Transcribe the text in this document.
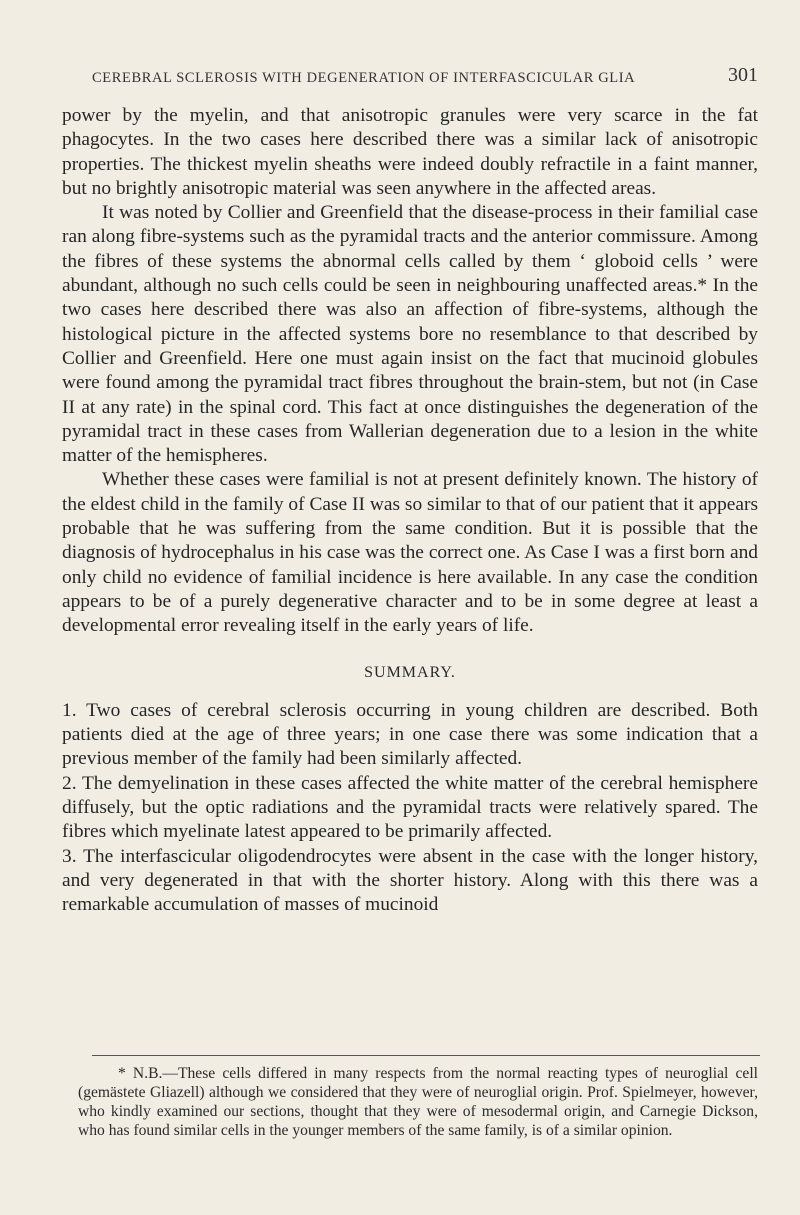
CEREBRAL SCLEROSIS WITH DEGENERATION OF INTERFASCICULAR GLIA	301

power by the myelin, and that anisotropic granules were very scarce in the fat phagocytes. In the two cases here described there was a similar lack of anisotropic properties. The thickest myelin sheaths were indeed doubly refractile in a faint manner, but no brightly anisotropic material was seen anywhere in the affected areas.

It was noted by Collier and Greenfield that the disease-process in their familial case ran along fibre-systems such as the pyramidal tracts and the anterior commissure. Among the fibres of these systems the abnormal cells called by them ‘ globoid cells ’ were abundant, although no such cells could be seen in neighbouring unaffected areas.* In the two cases here described there was also an affection of fibre-systems, although the histological picture in the affected systems bore no resemblance to that described by Collier and Greenfield. Here one must again insist on the fact that mucinoid globules were found among the pyramidal tract fibres throughout the brain-stem, but not (in Case II at any rate) in the spinal cord. This fact at once distinguishes the degeneration of the pyramidal tract in these cases from Wallerian degeneration due to a lesion in the white matter of the hemispheres.

Whether these cases were familial is not at present definitely known. The history of the eldest child in the family of Case II was so similar to that of our patient that it appears probable that he was suffering from the same condition. But it is possible that the diagnosis of hydrocephalus in his case was the correct one. As Case I was a first born and only child no evidence of familial incidence is here available. In any case the condition appears to be of a purely degenerative character and to be in some degree at least a developmental error revealing itself in the early years of life.

SUMMARY.

1. Two cases of cerebral sclerosis occurring in young children are described. Both patients died at the age of three years; in one case there was some indication that a previous member of the family had been similarly affected.

2. The demyelination in these cases affected the white matter of the cerebral hemisphere diffusely, but the optic radiations and the pyramidal tracts were relatively spared. The fibres which myelinate latest appeared to be primarily affected.

3. The interfascicular oligodendrocytes were absent in the case with the longer history, and very degenerated in that with the shorter history. Along with this there was a remarkable accumulation of masses of mucinoid

* N.B.—These cells differed in many respects from the normal reacting types of neuroglial cell (gemästete Gliazell) although we considered that they were of neuroglial origin. Prof. Spielmeyer, however, who kindly examined our sections, thought that they were of mesodermal origin, and Carnegie Dickson, who has found similar cells in the younger members of the same family, is of a similar opinion.
